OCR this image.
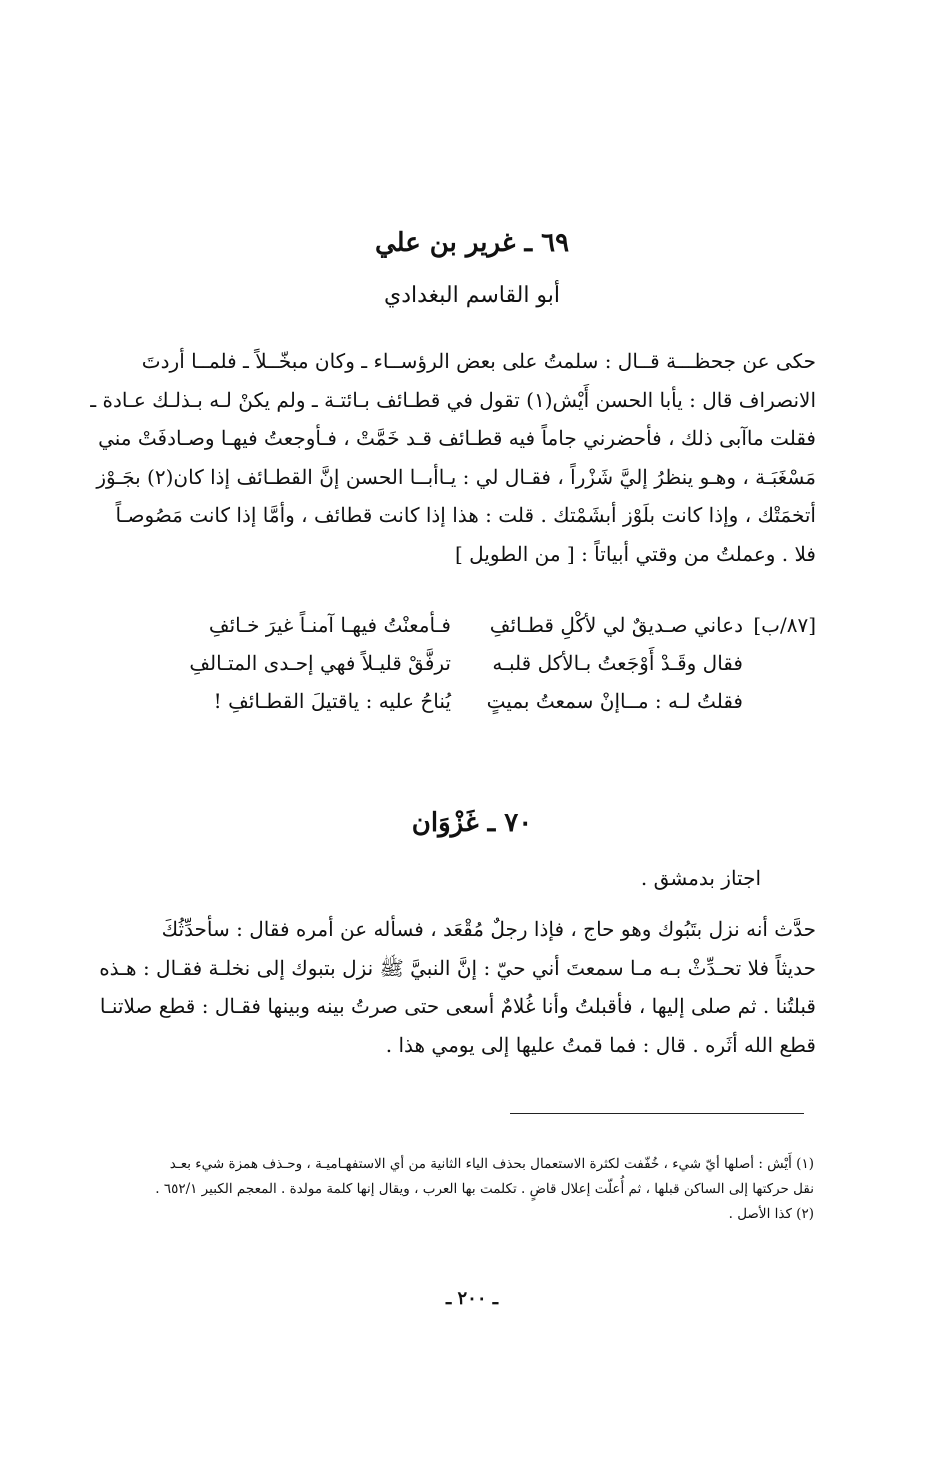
٦٩ ـ غرير بن علي
أبو القاسم البغدادي
حكى عن جحظـــة قــال : سلمتُ على بعض الرؤســاء ـ وكان مبخّــلاً ـ فلمــا أردتَ
الانصراف قال : يأبا الحسن أَيْش(١) تقول في قطـائف بـائتـة ـ ولم يكنْ لـه بـذلـك عـادة ـ
فقلت ماآبى ذلك ، فأحضرني جاماً فيه قطـائف قـد خَمَّتْ ، فـأوجعتُ فيهـا وصـادفَتْ مني
مَسْغَبَـة ، وهـو ينظرُ إليَّ شَزْراً ، فقـال لي : يـاأبــا الحسن إنَّ القطـائف إذا كان(٢) بجَـوْز
أتخمَتْك ، وإذا كانت بلَوْز أبشَمْتك . قلت : هذا إذا كانت قطائف ، وأمَّا إذا كانت مَصُوصـاً
فلا . وعملتُ من وقتي أبياتاً : [ من الطويل ]
[٨٧/ب]
دعاني صـديقٌ لي لأكْلِ قطـائفِ
فـأمعنْتُ فيهـا آمنـاً غيرَ خـائفِ
فقال وقَـدْ أَوْجَعتُ بـالأكل قلبـه
ترفَّقْ قليـلاً فهي إحـدى المتـالفِ
فقلتُ لـه : مــاإنْ سمعتُ بميتٍ
يُناحُ عليه : ياقتيلَ القطـائفِ !
٧٠ ـ غَزْوَان
اجتاز بدمشق .
حدَّث أنه نزل بتَبُوك وهو حاج ، فإذا رجلٌ مُقْعَد ، فسأله عن أمره فقال : سأحدِّثُكَ
حديثاً فلا تحـدِّثْ بـه مـا سمعتَ أني حيّ : إنَّ النبيَّ ﷺ نزل بتبوك إلى نخلـة فقـال : هـذه
قبلتُنا . ثم صلى إليها ، فأقبلتُ وأنا غُلامٌ أسعى حتى صرتُ بينه وبينها فقـال : قطع صلاتنـا
قطع الله أثَره . قال : فما قمتُ عليها إلى يومي هذا .
(١) أَيْش : أصلها أيّ شيء ، خُفّفت لكثرة الاستعمال بحذف الياء الثانية من أي الاستفهـاميـة ، وحـذف همزة شيء بعـد
نقل حركتها إلى الساكن قبلها ، ثم أُعلّت إعلال قاضٍ . تكلمت بها العرب ، ويقال إنها كلمة مولدة . المعجم الكبير ٦٥٢/١ .
(٢) كذا الأصل .
ـ ٢٠٠ ـ
